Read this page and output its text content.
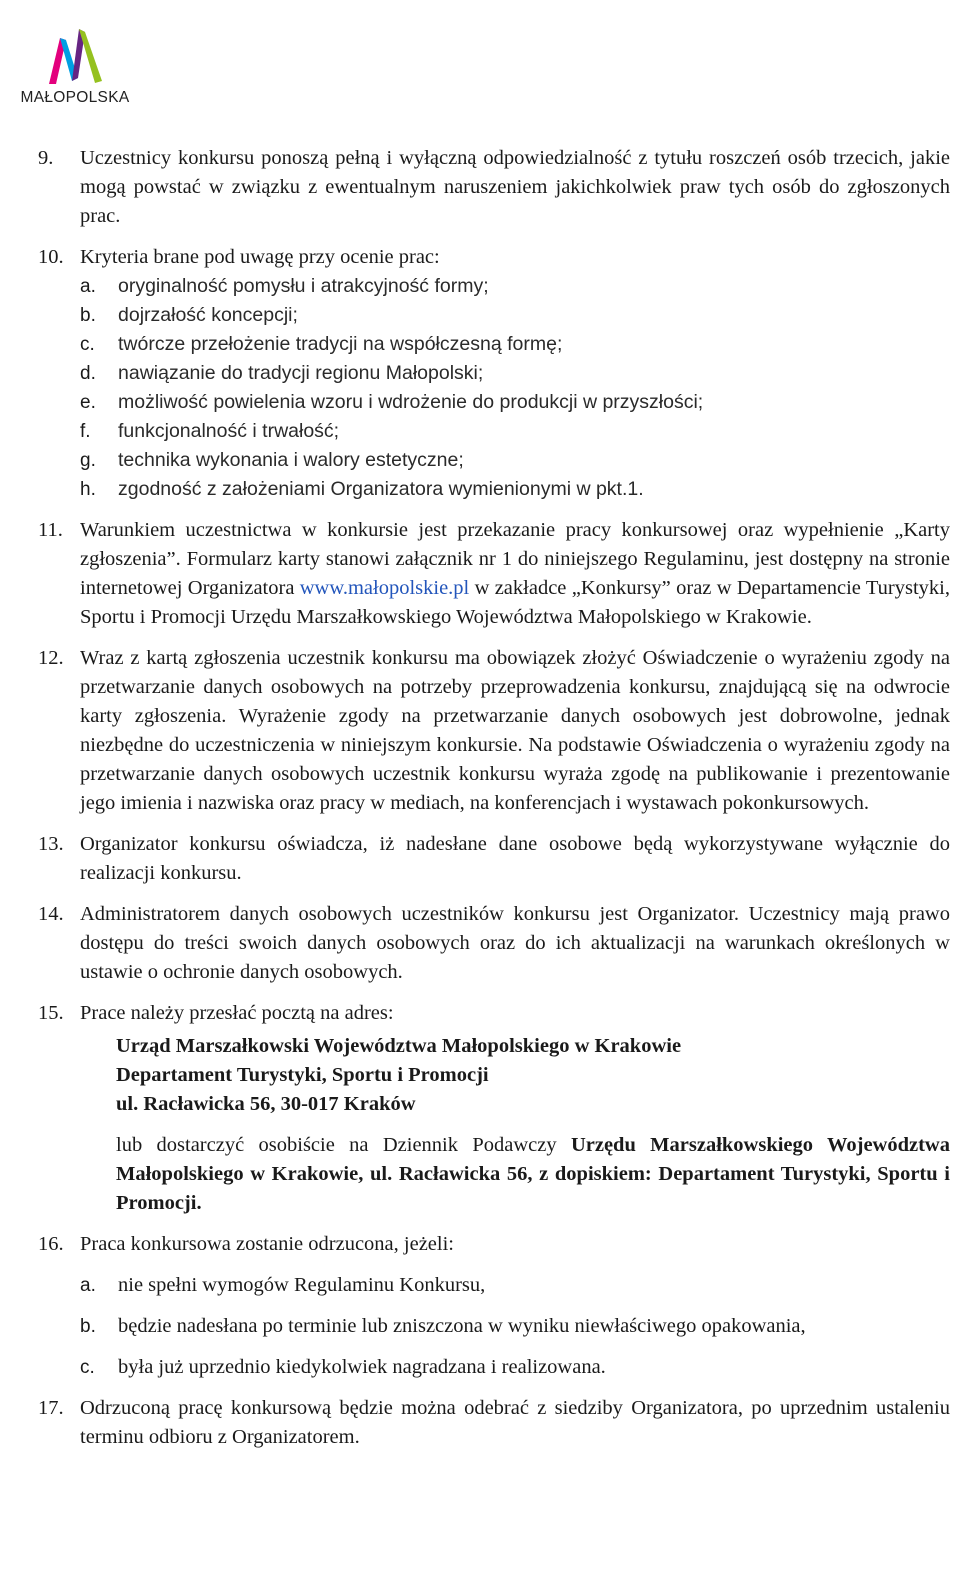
MAŁOPOLSKA
9. Uczestnicy konkursu ponoszą pełną i wyłączną odpowiedzialność z tytułu roszczeń osób trzecich, jakie mogą powstać w związku z ewentualnym naruszeniem jakichkolwiek praw tych osób do zgłoszonych prac.

10. Kryteria brane pod uwagę przy ocenie prac:

a. oryginalność pomysłu i atrakcyjność formy;
b. dojrzałość koncepcji;
c. twórcze przełożenie tradycji na współczesną formę;
d. nawiązanie do tradycji regionu Małopolski;
e. możliwość powielenia wzoru i wdrożenie do produkcji w przyszłości;
f. funkcjonalność i trwałość;
g. technika wykonania i walory estetyczne;
h. zgodność z założeniami Organizatora wymienionymi w pkt.1.
11. Warunkiem uczestnictwa w konkursie jest przekazanie pracy konkursowej oraz wypełnienie „Karty zgłoszenia”. Formularz karty stanowi załącznik nr 1 do niniejszego Regulaminu, jest dostępny na stronie internetowej Organizatora www.małopolskie.pl w zakładce „Konkursy” oraz w Departamencie Turystyki, Sportu i Promocji Urzędu Marszałkowskiego Województwa Małopolskiego w Krakowie.

12. Wraz z kartą zgłoszenia uczestnik konkursu ma obowiązek złożyć Oświadczenie o wyrażeniu zgody na przetwarzanie danych osobowych na potrzeby przeprowadzenia konkursu, znajdującą się na odwrocie karty zgłoszenia. Wyrażenie zgody na przetwarzanie danych osobowych jest dobrowolne, jednak niezbędne do uczestniczenia w niniejszym konkursie. Na podstawie Oświadczenia o wyrażeniu zgody na przetwarzanie danych osobowych uczestnik konkursu wyraża zgodę na publikowanie i prezentowanie jego imienia i nazwiska oraz pracy w mediach, na konferencjach i wystawach pokonkursowych.

13. Organizator konkursu oświadcza, iż nadesłane dane osobowe będą wykorzystywane wyłącznie do realizacji konkursu.

14. Administratorem danych osobowych uczestników konkursu jest Organizator. Uczestnicy mają prawo dostępu do treści swoich danych osobowych oraz do ich aktualizacji na warunkach określonych w ustawie o ochronie danych osobowych.

15. Prace należy przesłać pocztą na adres:

Urząd Marszałkowski Województwa Małopolskiego w Krakowie
Departament Turystyki, Sportu i Promocji
ul. Racławicka 56, 30-017 Kraków

lub dostarczyć osobiście na Dziennik Podawczy Urzędu Marszałkowskiego Województwa Małopolskiego w Krakowie, ul. Racławicka 56, z dopiskiem: Departament Turystyki, Sportu i Promocji.

16. Praca konkursowa zostanie odrzucona, jeżeli:

a. nie spełni wymogów Regulaminu Konkursu,

b. będzie nadesłana po terminie lub zniszczona w wyniku niewłaściwego opakowania,

c. była już uprzednio kiedykolwiek nagradzana i realizowana.

17. Odrzuconą pracę konkursową będzie można odebrać z siedziby Organizatora, po uprzednim ustaleniu terminu odbioru z Organizatorem.
